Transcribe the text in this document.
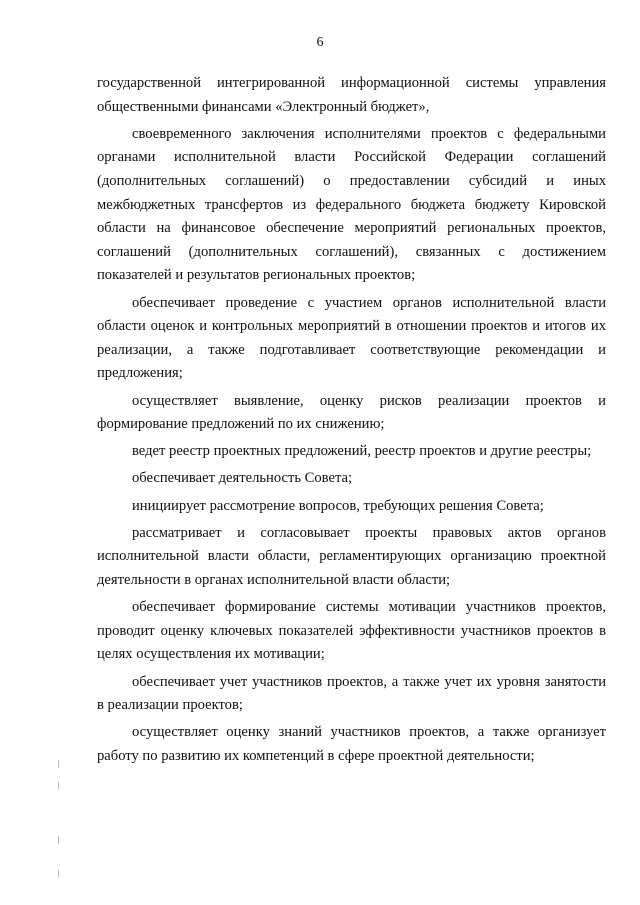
6

государственной интегрированной информационной системы управления общественными финансами «Электронный бюджет»,

своевременного заключения исполнителями проектов с федеральными органами исполнительной власти Российской Федерации соглашений (дополнительных соглашений) о предоставлении субсидий и иных межбюджетных трансфертов из федерального бюджета бюджету Кировской области на финансовое обеспечение мероприятий региональных проектов, соглашений (дополнительных соглашений), связанных с достижением показателей и результатов региональных проектов;

обеспечивает проведение с участием органов исполнительной власти области оценок и контрольных мероприятий в отношении проектов и итогов их реализации, а также подготавливает соответствующие рекомендации и предложения;

осуществляет выявление, оценку рисков реализации проектов и формирование предложений по их снижению;

ведет реестр проектных предложений, реестр проектов и другие реестры;

обеспечивает деятельность Совета;

инициирует рассмотрение вопросов, требующих решения Совета;

рассматривает и согласовывает проекты правовых актов органов исполнительной власти области, регламентирующих организацию проектной деятельности в органах исполнительной власти области;

обеспечивает формирование системы мотивации участников проектов, проводит оценку ключевых показателей эффективности участников проектов в целях осуществления их мотивации;

обеспечивает учет участников проектов, а также учет их уровня занятости в реализации проектов;

осуществляет оценку знаний участников проектов, а также организует работу по развитию их компетенций в сфере проектной деятельности;
